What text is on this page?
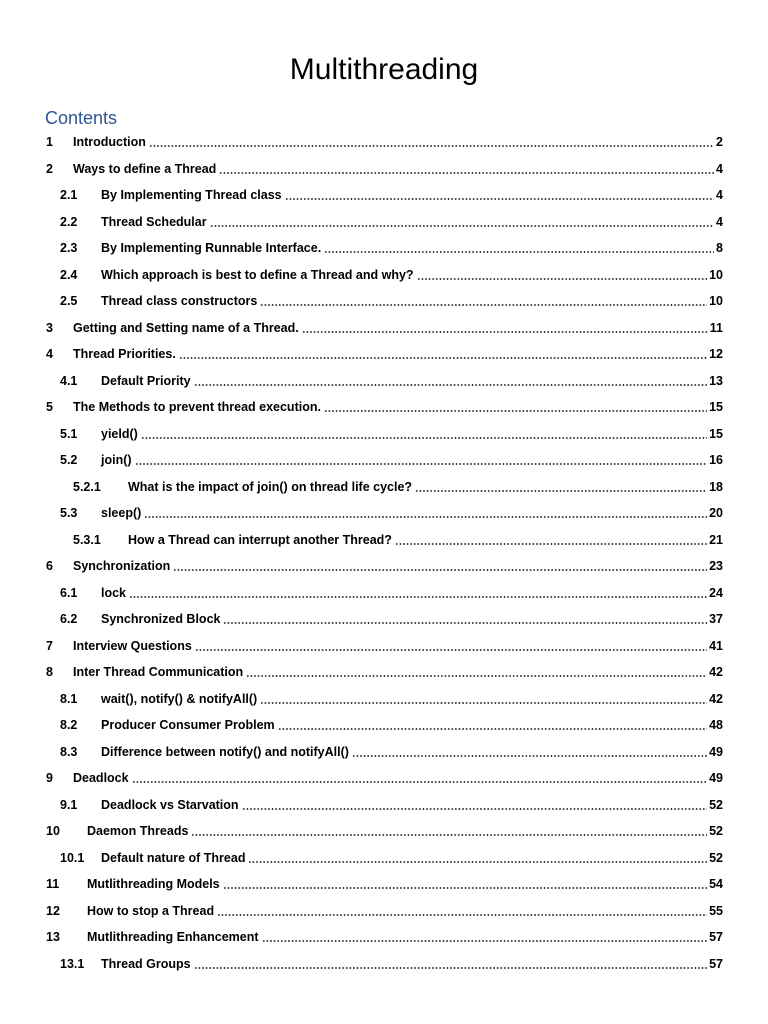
Multithreading
Contents
1	Introduction	2
2	Ways to define a Thread	4
2.1	By Implementing Thread class	4
2.2	Thread Schedular	4
2.3	By Implementing Runnable Interface.	8
2.4	Which approach is best to define a Thread and why?	10
2.5	Thread class constructors	10
3	Getting and Setting name of a Thread.	11
4	Thread Priorities.	12
4.1	Default Priority	13
5	The Methods to prevent thread execution.	15
5.1	yield()	15
5.2	join()	16
5.2.1	What is the impact of join() on thread life cycle?	18
5.3	sleep()	20
5.3.1	How a Thread can interrupt another Thread?	21
6	Synchronization	23
6.1	lock	24
6.2	Synchronized Block	37
7	Interview Questions	41
8	Inter Thread Communication	42
8.1	wait(), notify() & notifyAll()	42
8.2	Producer Consumer Problem	48
8.3	Difference between notify() and notifyAll()	49
9	Deadlock	49
9.1	Deadlock vs Starvation	52
10	Daemon Threads	52
10.1	Default nature of Thread	52
11	Mutlithreading Models	54
12	How to stop a Thread	55
13	Mutlithreading Enhancement	57
13.1	Thread Groups	57
